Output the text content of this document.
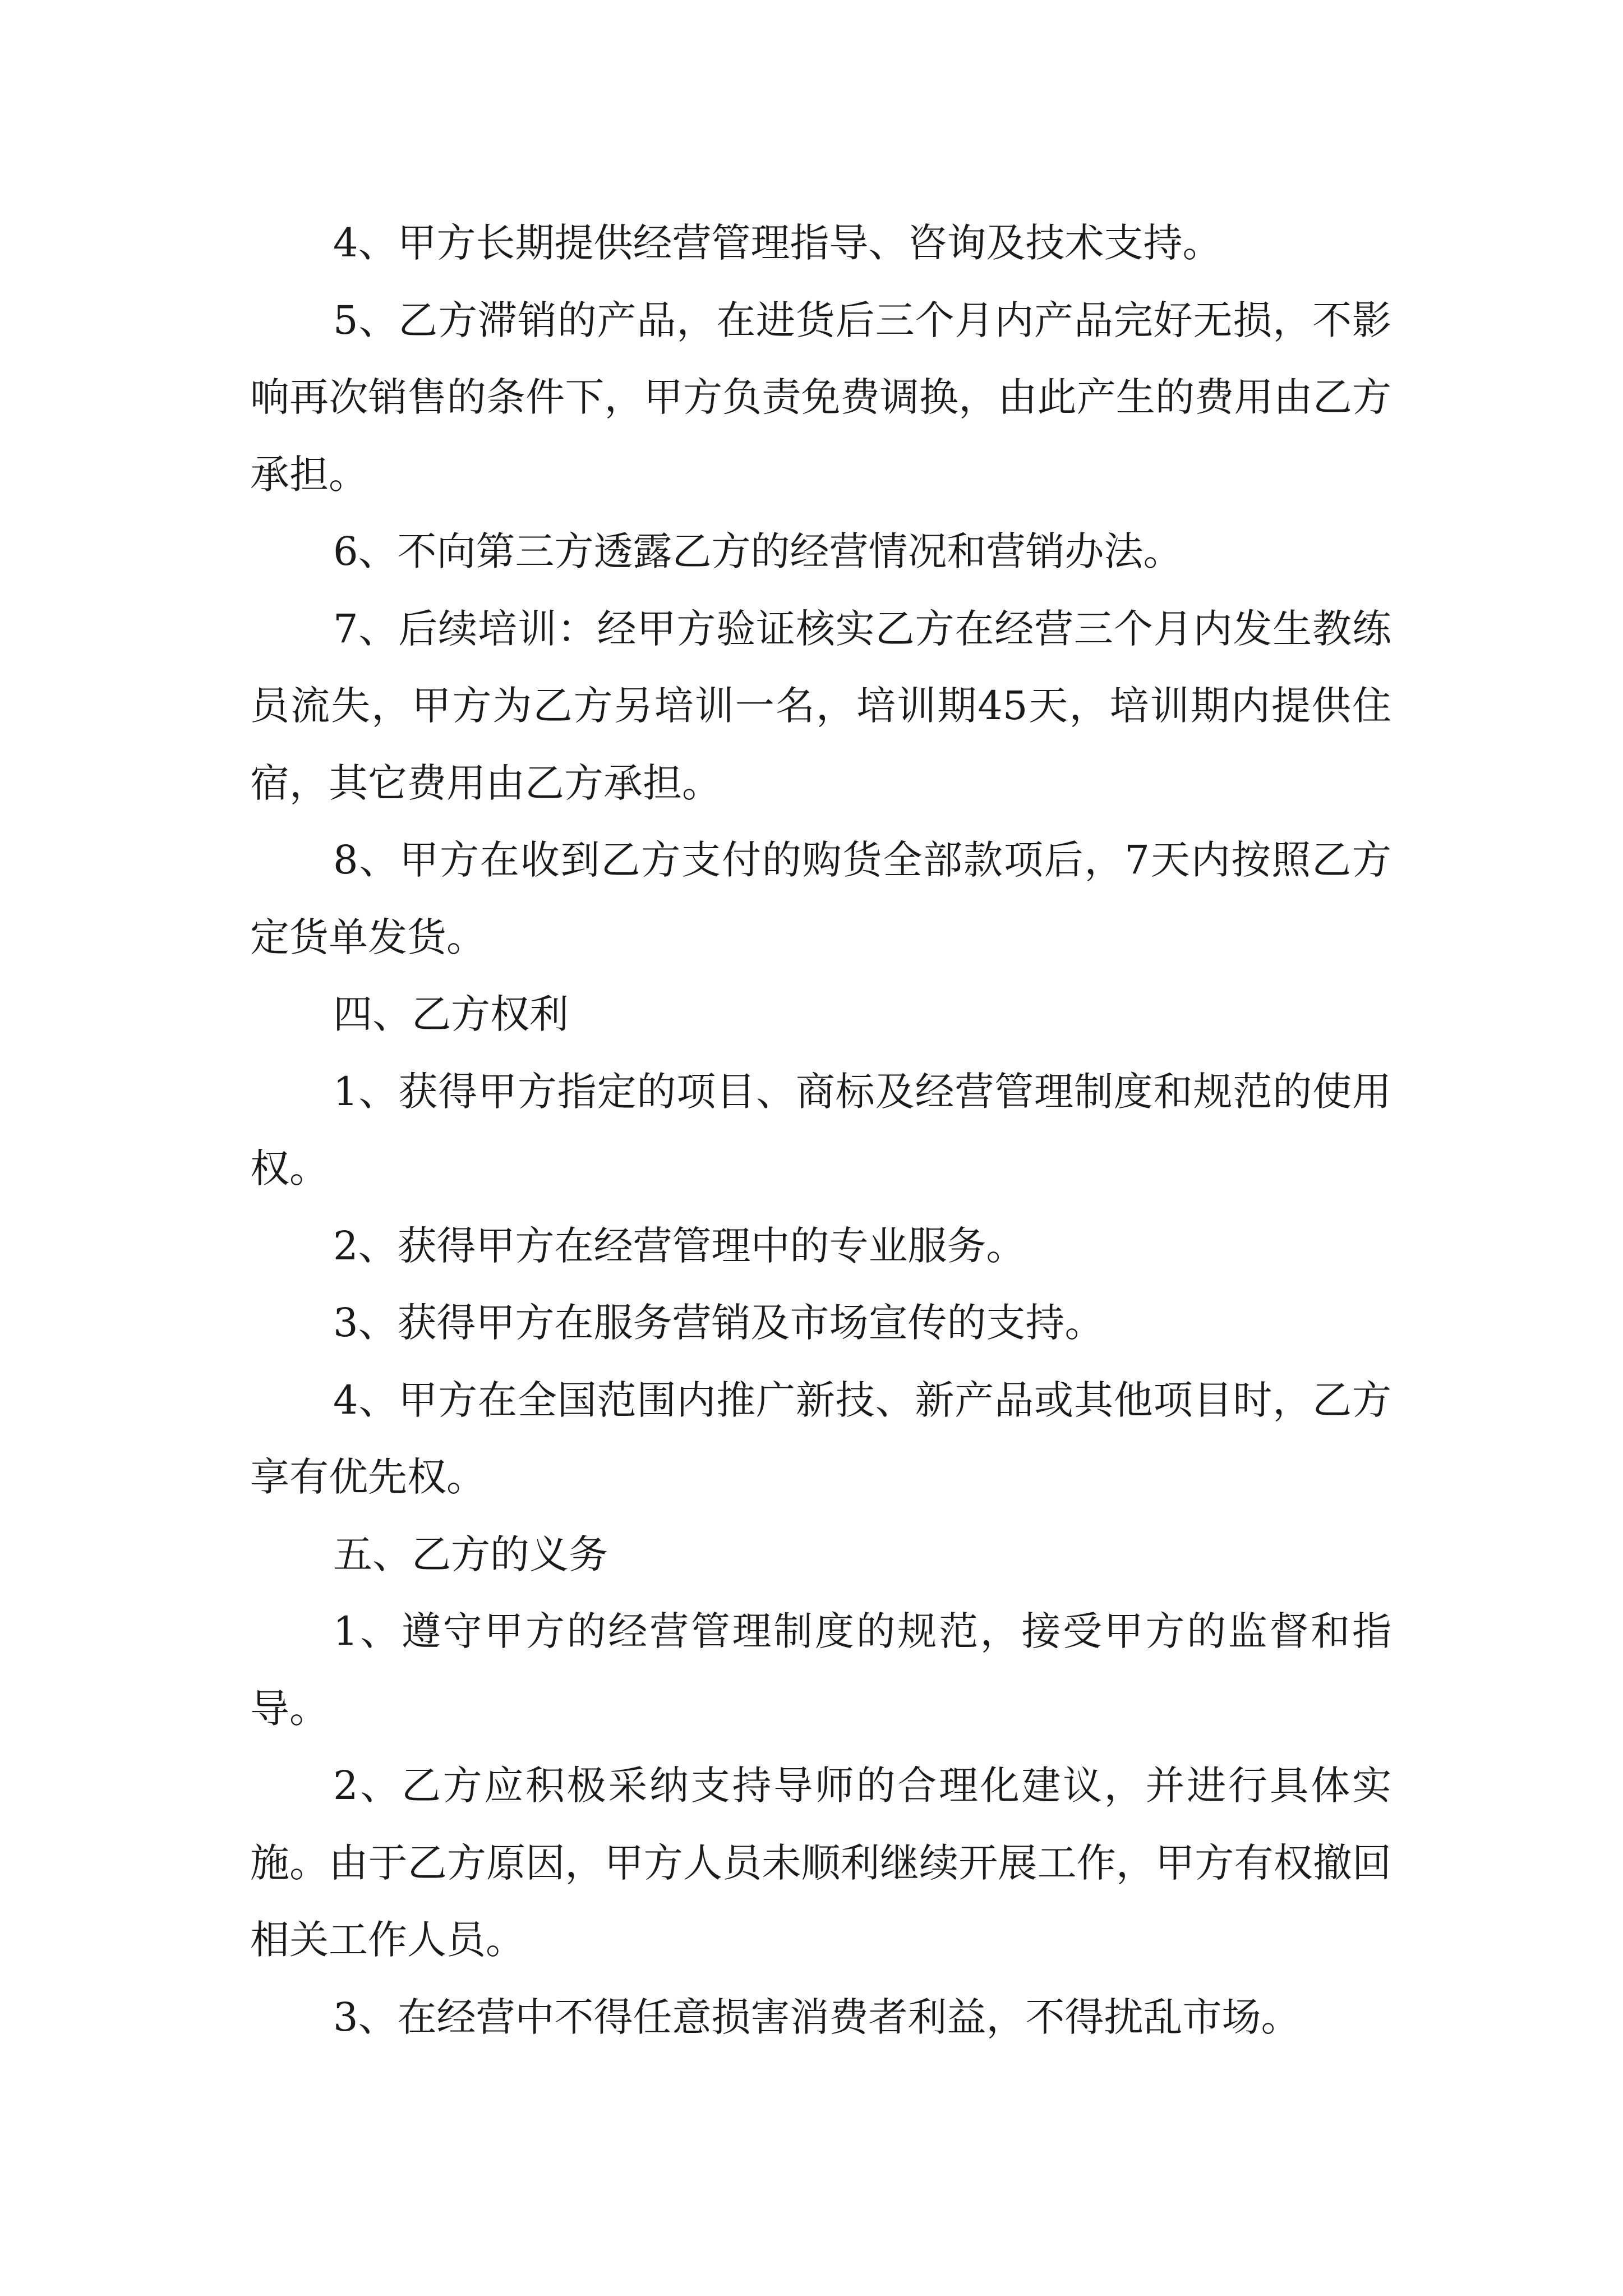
4、甲方长期提供经营管理指导、咨询及技术支持。

5、乙方滞销的产品，在进货后三个月内产品完好无损，不影响再次销售的条件下，甲方负责免费调换，由此产生的费用由乙方承担。

6、不向第三方透露乙方的经营情况和营销办法。

7、后续培训：经甲方验证核实乙方在经营三个月内发生教练员流失，甲方为乙方另培训一名，培训期45天，培训期内提供住宿，其它费用由乙方承担。

8、甲方在收到乙方支付的购货全部款项后，7天内按照乙方定货单发货。

四、乙方权利

1、获得甲方指定的项目、商标及经营管理制度和规范的使用权。

2、获得甲方在经营管理中的专业服务。

3、获得甲方在服务营销及市场宣传的支持。

4、甲方在全国范围内推广新技、新产品或其他项目时，乙方享有优先权。

五、乙方的义务

1、遵守甲方的经营管理制度的规范，接受甲方的监督和指导。

2、乙方应积极采纳支持导师的合理化建议，并进行具体实施。由于乙方原因，甲方人员未顺利继续开展工作，甲方有权撤回相关工作人员。

3、在经营中不得任意损害消费者利益，不得扰乱市场。
